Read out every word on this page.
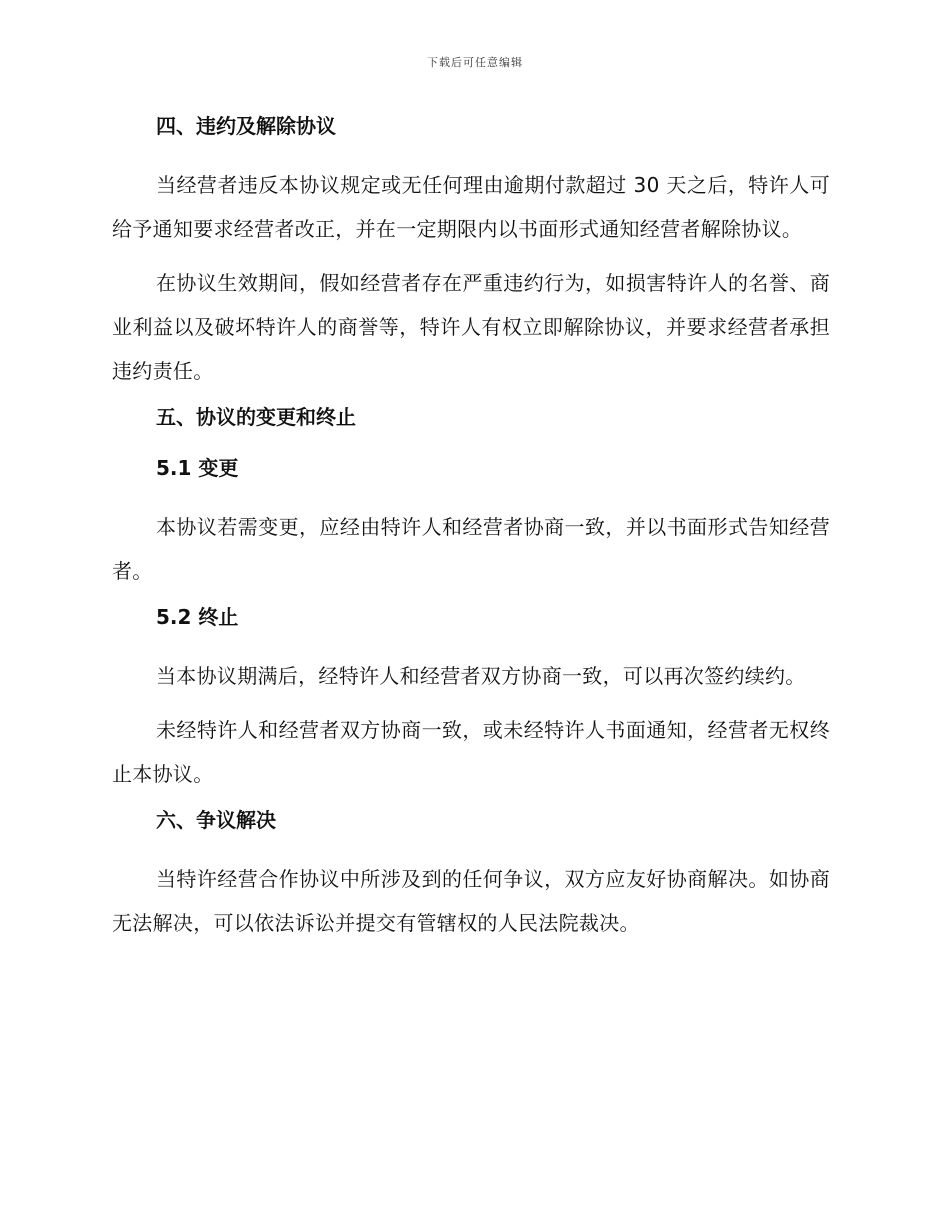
下载后可任意编辑
四、违约及解除协议

当经营者违反本协议规定或无任何理由逾期付款超过 30 天之后，特许人可给予通知要求经营者改正，并在一定期限内以书面形式通知经营者解除协议。

在协议生效期间，假如经营者存在严重违约行为，如损害特许人的名誉、商业利益以及破坏特许人的商誉等，特许人有权立即解除协议，并要求经营者承担违约责任。

五、协议的变更和终止
5.1 变更

本协议若需变更，应经由特许人和经营者协商一致，并以书面形式告知经营者。

5.2 终止

当本协议期满后，经特许人和经营者双方协商一致，可以再次签约续约。

未经特许人和经营者双方协商一致，或未经特许人书面通知，经营者无权终止本协议。

六、争议解决

当特许经营合作协议中所涉及到的任何争议，双方应友好协商解决。如协商无法解决，可以依法诉讼并提交有管辖权的人民法院裁决。
